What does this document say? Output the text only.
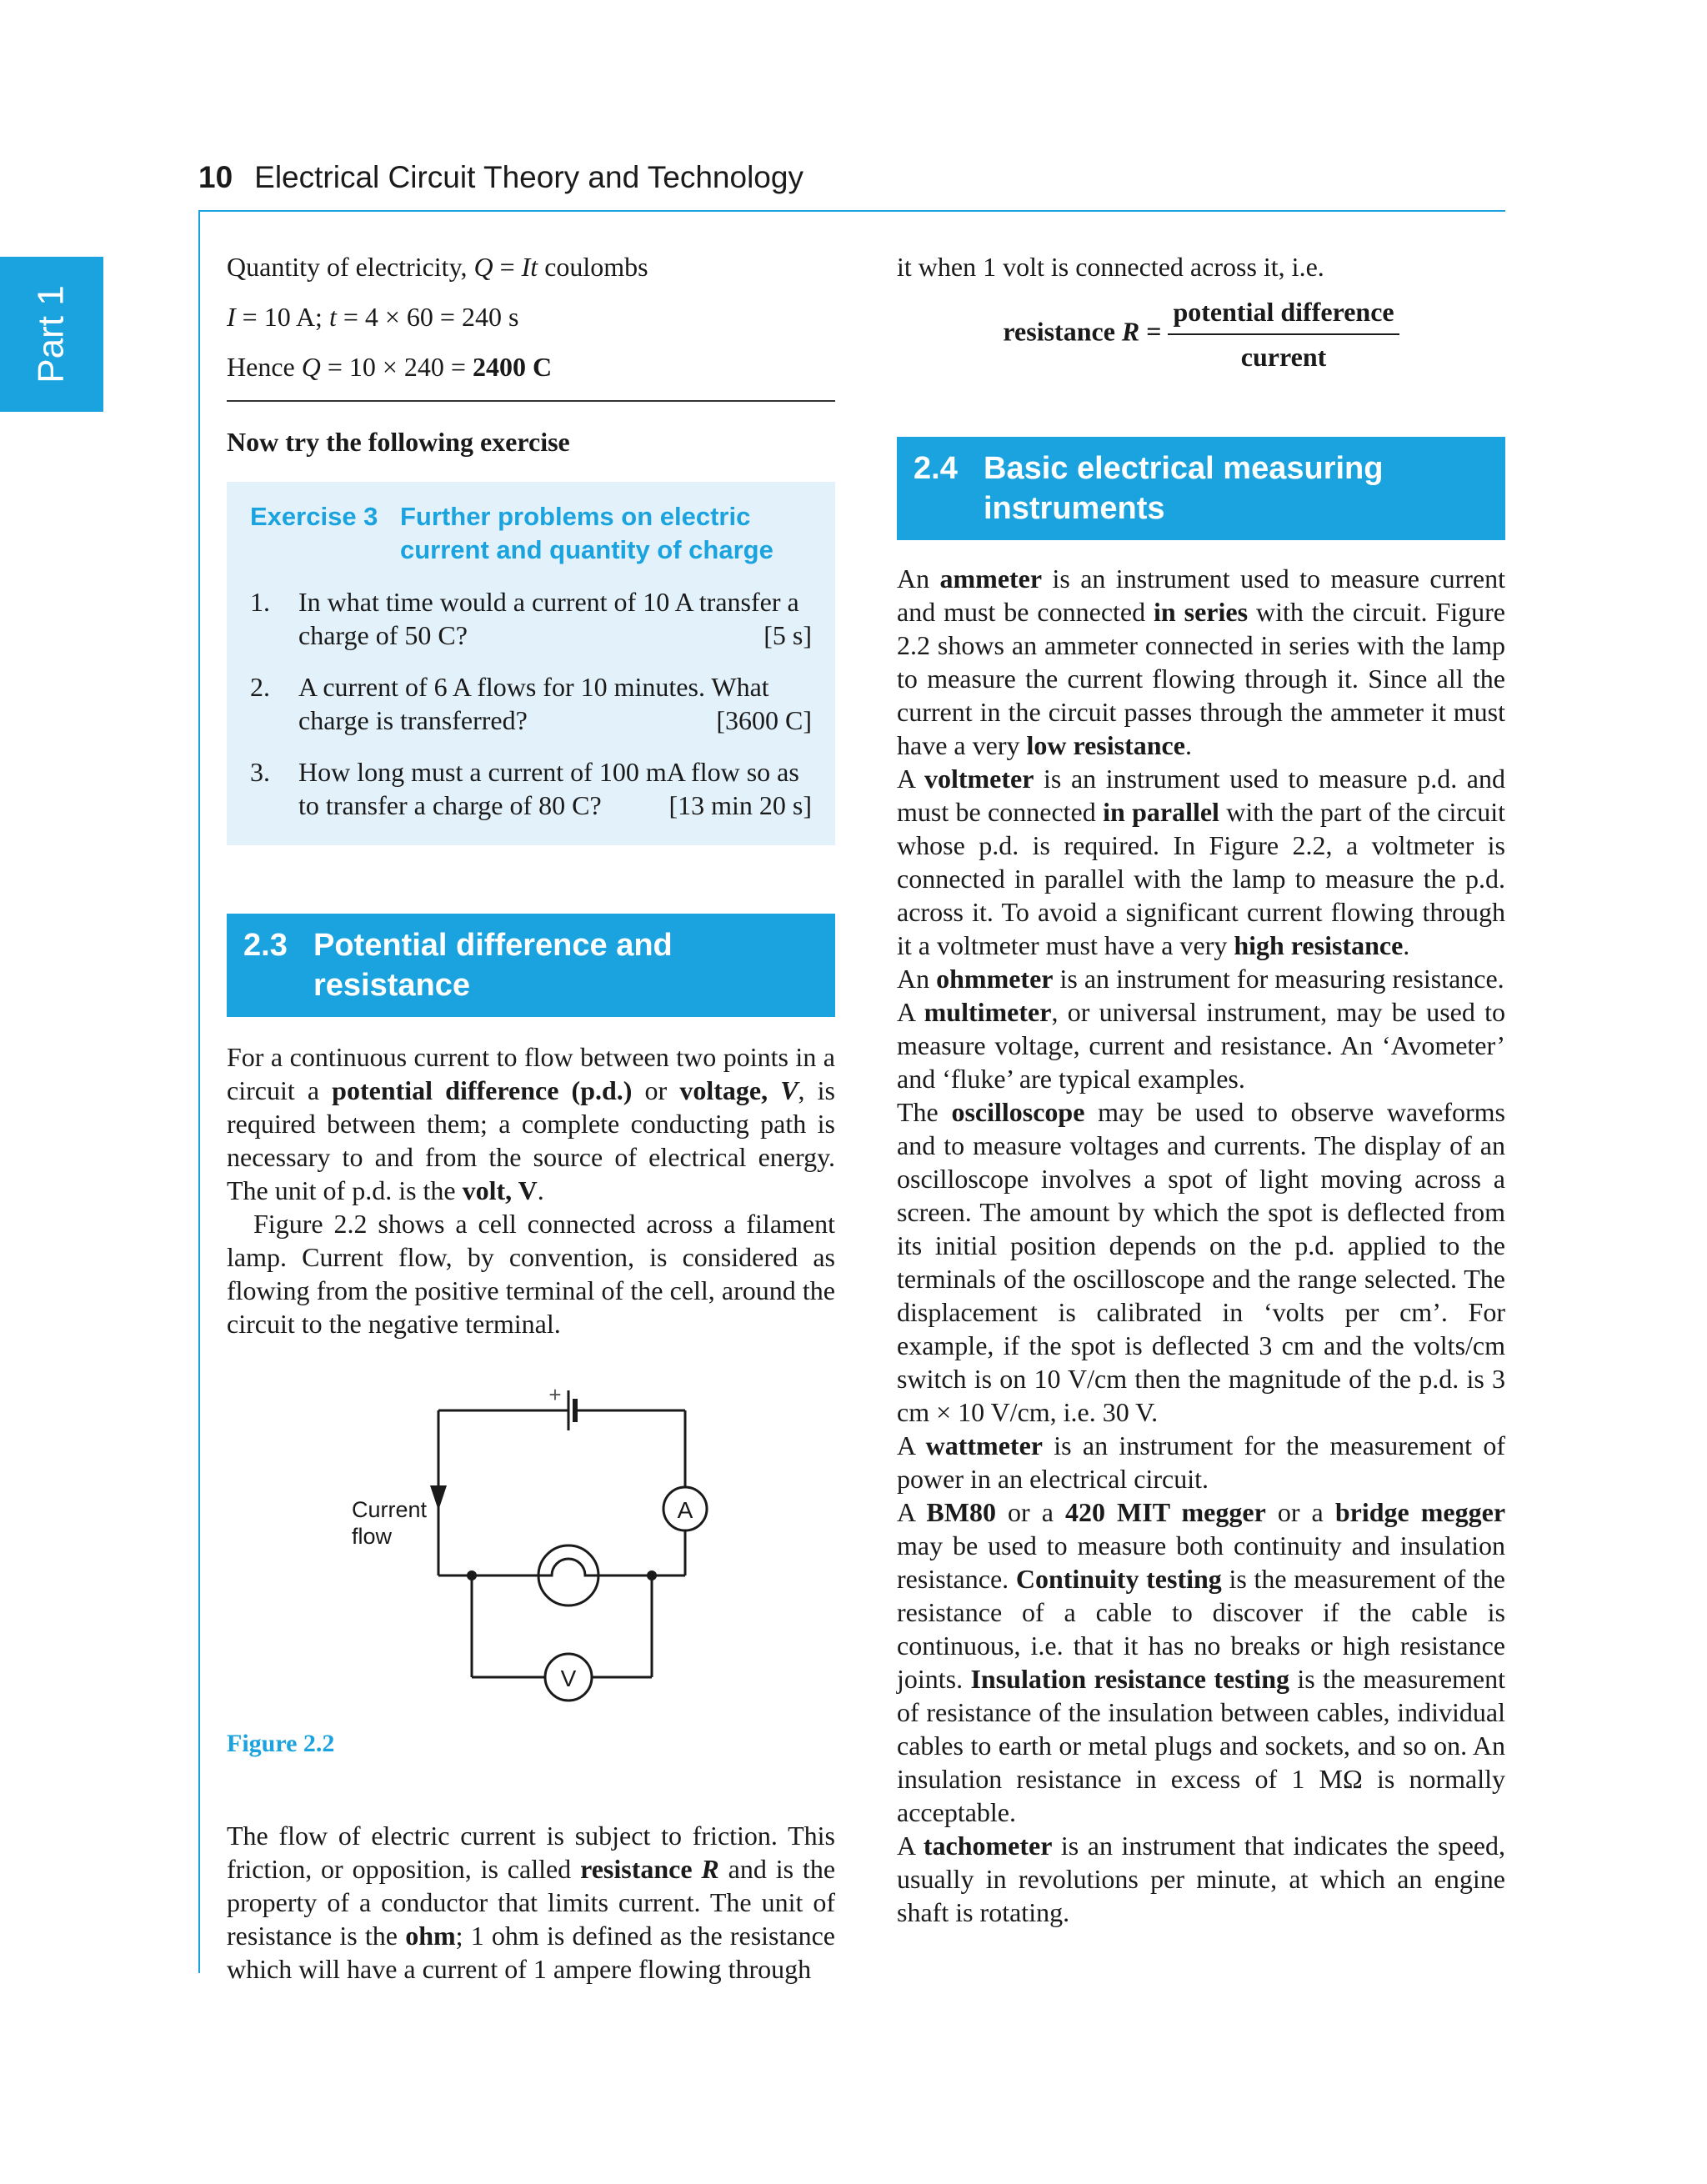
10 Electrical Circuit Theory and Technology
Part 1

Quantity of electricity, Q = It coulombs

I = 10 A; t = 4 × 60 = 240 s

Hence Q = 10 × 240 = 2400 C

Now try the following exercise

Exercise 3 Further problems on electric current and quantity of charge
1.	In what time would a current of 10 A transfer a charge of 50 C?	[5 s]
2.	A current of 6 A flows for 10 minutes. What charge is transferred?	[3600 C]
3.	How long must a current of 100 mA flow so as to transfer a charge of 80 C?	[13 min 20 s]
2.3 Potential difference and resistance

For a continuous current to flow between two points in a circuit a potential difference (p.d.) or voltage, V, is required between them; a complete conducting path is necessary to and from the source of electrical energy. The unit of p.d. is the volt, V.

Figure 2.2 shows a cell connected across a filament lamp. Current flow, by convention, is considered as flowing from the positive terminal of the cell, around the circuit to the negative terminal.

A
V
+
Current
flow

Figure 2.2

The flow of electric current is subject to friction. This friction, or opposition, is called resistance R and is the property of a conductor that limits current. The unit of resistance is the ohm; 1 ohm is defined as the resistance which will have a current of 1 ampere flowing through

it when 1 volt is connected across it, i.e.

resistance $R = \frac{\text{potential difference}}{\text{current}}$
2.4 Basic electrical measuring instruments

An ammeter is an instrument used to measure current and must be connected in series with the circuit. Figure 2.2 shows an ammeter connected in series with the lamp to measure the current flowing through it. Since all the current in the circuit passes through the ammeter it must have a very low resistance.

A voltmeter is an instrument used to measure p.d. and must be connected in parallel with the part of the circuit whose p.d. is required. In Figure 2.2, a voltmeter is connected in parallel with the lamp to measure the p.d. across it. To avoid a significant current flowing through it a voltmeter must have a very high resistance.

An ohmmeter is an instrument for measuring resistance.

A multimeter, or universal instrument, may be used to measure voltage, current and resistance. An ‘Avometer’ and ‘fluke’ are typical examples.

The oscilloscope may be used to observe waveforms and to measure voltages and currents. The display of an oscilloscope involves a spot of light moving across a screen. The amount by which the spot is deflected from its initial position depends on the p.d. applied to the terminals of the oscilloscope and the range selected. The displacement is calibrated in ‘volts per cm’. For example, if the spot is deflected 3 cm and the volts/cm switch is on 10 V/cm then the magnitude of the p.d. is 3 cm × 10 V/cm, i.e. 30 V.

A wattmeter is an instrument for the measurement of power in an electrical circuit.

A BM80 or a 420 MIT megger or a bridge megger may be used to measure both continuity and insulation resistance. Continuity testing is the measurement of the resistance of a cable to discover if the cable is continuous, i.e. that it has no breaks or high resistance joints. Insulation resistance testing is the measurement of resistance of the insulation between cables, individual cables to earth or metal plugs and sockets, and so on. An insulation resistance in excess of 1 MΩ is normally acceptable.

A tachometer is an instrument that indicates the speed, usually in revolutions per minute, at which an engine shaft is rotating.
